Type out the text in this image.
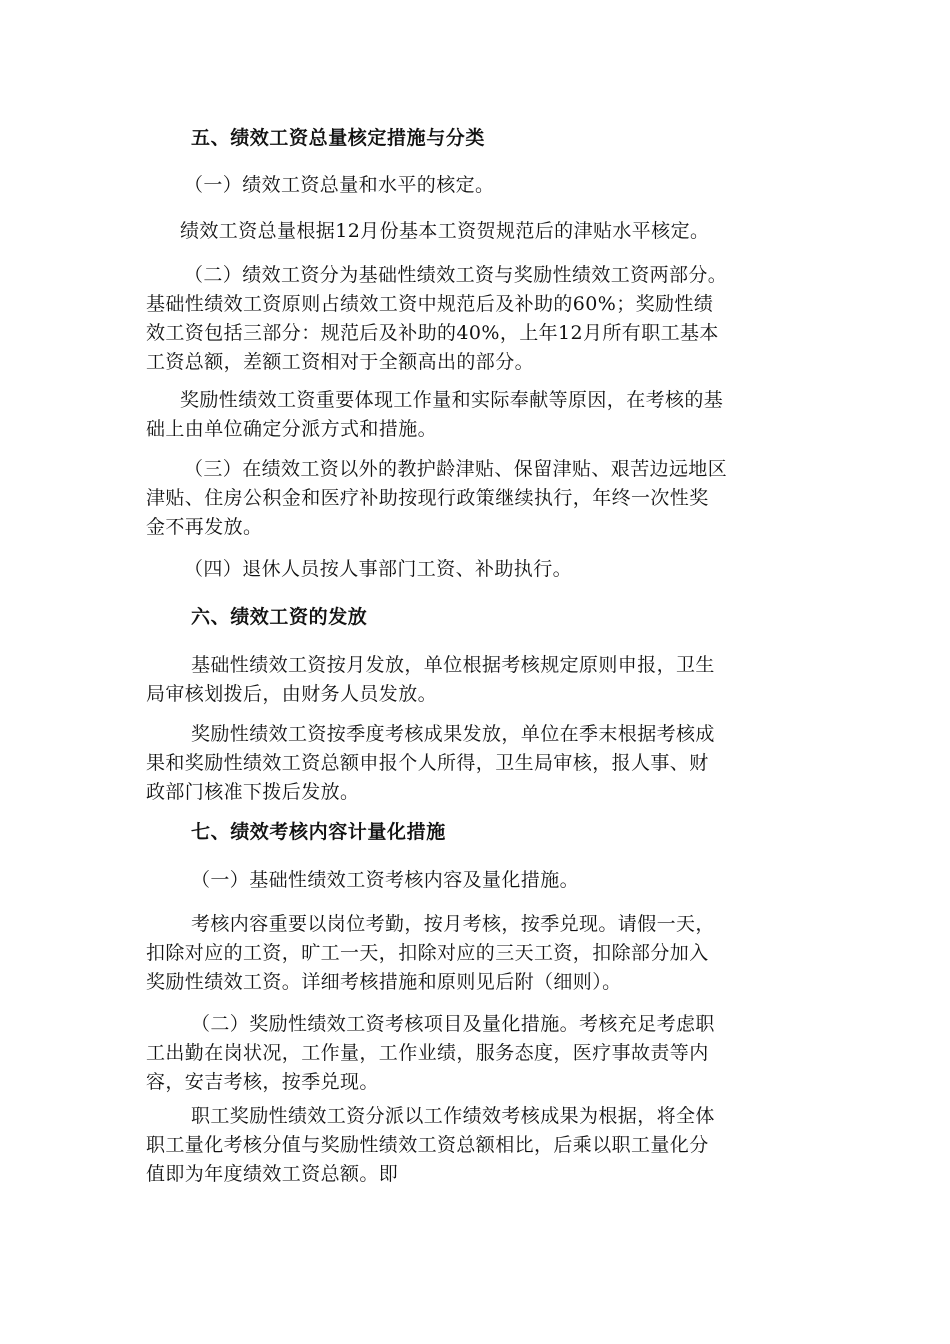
五、绩效工资总量核定措施与分类

（一）绩效工资总量和水平的核定。

绩效工资总量根据12月份基本工资贺规范后的津贴水平核定。

（二）绩效工资分为基础性绩效工资与奖励性绩效工资两部分。
基础性绩效工资原则占绩效工资中规范后及补助的60%；奖励性绩
效工资包括三部分：规范后及补助的40%，上年12月所有职工基本
工资总额，差额工资相对于全额高出的部分。

奖励性绩效工资重要体现工作量和实际奉献等原因，在考核的基
础上由单位确定分派方式和措施。

（三）在绩效工资以外的教护龄津贴、保留津贴、艰苦边远地区
津贴、住房公积金和医疗补助按现行政策继续执行，年终一次性奖
金不再发放。

（四）退休人员按人事部门工资、补助执行。

六、绩效工资的发放

基础性绩效工资按月发放，单位根据考核规定原则申报，卫生
局审核划拨后，由财务人员发放。

奖励性绩效工资按季度考核成果发放，单位在季末根据考核成
果和奖励性绩效工资总额申报个人所得，卫生局审核，报人事、财
政部门核准下拨后发放。

七、绩效考核内容计量化措施

（一）基础性绩效工资考核内容及量化措施。

考核内容重要以岗位考勤，按月考核，按季兑现。请假一天，
扣除对应的工资，旷工一天，扣除对应的三天工资，扣除部分加入
奖励性绩效工资。详细考核措施和原则见后附（细则）。

（二）奖励性绩效工资考核项目及量化措施。考核充足考虑职
工出勤在岗状况，工作量，工作业绩，服务态度，医疗事故责等内
容，安吉考核，按季兑现。

职工奖励性绩效工资分派以工作绩效考核成果为根据，将全体
职工量化考核分值与奖励性绩效工资总额相比，后乘以职工量化分
值即为年度绩效工资总额。即
